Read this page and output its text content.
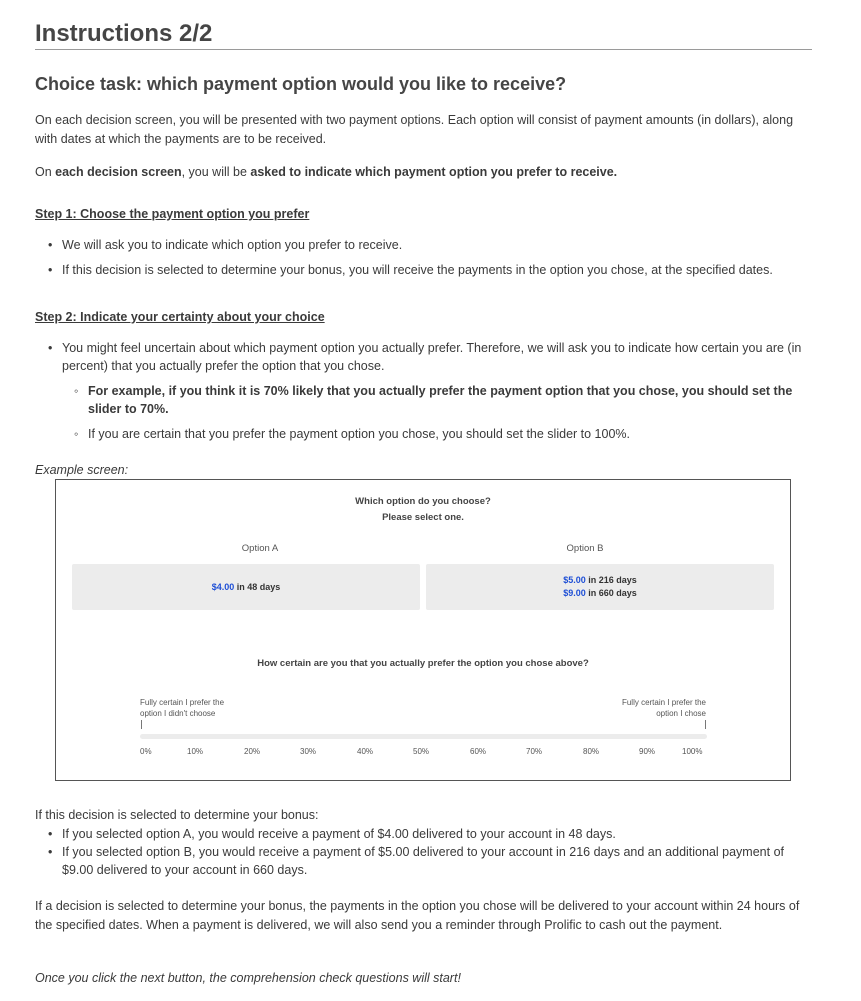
Instructions 2/2
Choice task: which payment option would you like to receive?

On each decision screen, you will be presented with two payment options. Each option will consist of payment amounts (in dollars), along with dates at which the payments are to be received.

On each decision screen, you will be asked to indicate which payment option you prefer to receive.

Step 1: Choose the payment option you prefer

• We will ask you to indicate which option you prefer to receive.
• If this decision is selected to determine your bonus, you will receive the payments in the option you chose, at the specified dates.

Step 2: Indicate your certainty about your choice

• You might feel uncertain about which payment option you actually prefer. Therefore, we will ask you to indicate how certain you are (in percent) that you actually prefer the option that you chose.
◦ For example, if you think it is 70% likely that you actually prefer the payment option that you chose, you should set the slider to 70%.
◦ If you are certain that you prefer the payment option you chose, you should set the slider to 100%.
Example screen:
Which option do you choose?
Please select one.
Option A	Option B
$4.00 in 48 days
$5.00 in 216 days
$9.00 in 660 days
How certain are you that you actually prefer the option you chose above?
Fully certain I prefer the
option I didn't choose
Fully certain I prefer the
option I chose
0%	10%	20%	30%	40%	50%	60%	70%	80%	90%	100%

If this decision is selected to determine your bonus:

• If you selected option A, you would receive a payment of $4.00 delivered to your account in 48 days.
• If you selected option B, you would receive a payment of $5.00 delivered to your account in 216 days and an additional payment of $9.00 delivered to your account in 660 days.

If a decision is selected to determine your bonus, the payments in the option you chose will be delivered to your account within 24 hours of the specified dates. When a payment is delivered, we will also send you a reminder through Prolific to cash out the payment.

Once you click the next button, the comprehension check questions will start!
